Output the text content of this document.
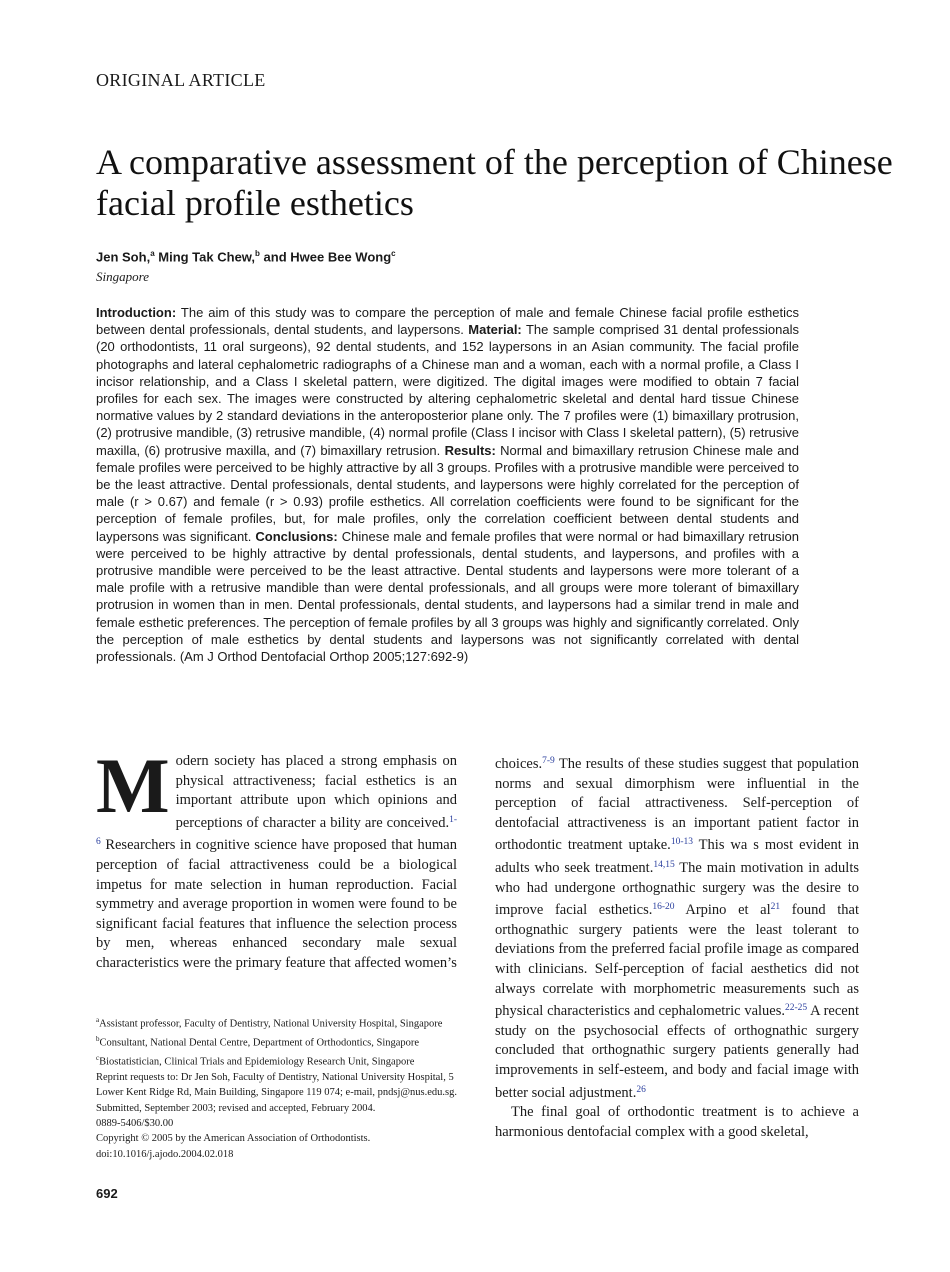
ORIGINAL ARTICLE
A comparative assessment of the perception of Chinese facial profile esthetics
Jen Soh,$^a$ Ming Tak Chew,$^b$ and Hwee Bee Wong$^c$
Singapore

Introduction: The aim of this study was to compare the perception of male and female Chinese facial profile esthetics between dental professionals, dental students, and laypersons. Material: The sample comprised 31 dental professionals (20 orthodontists, 11 oral surgeons), 92 dental students, and 152 laypersons in an Asian community. The facial profile photographs and lateral cephalometric radiographs of a Chinese man and a woman, each with a normal profile, a Class I incisor relationship, and a Class I skeletal pattern, were digitized. The digital images were modified to obtain 7 facial profiles for each sex. The images were constructed by altering cephalometric skeletal and dental hard tissue Chinese normative values by 2 standard deviations in the anteroposterior plane only. The 7 profiles were (1) bimaxillary protrusion, (2) protrusive mandible, (3) retrusive mandible, (4) normal profile (Class I incisor with Class I skeletal pattern), (5) retrusive maxilla, (6) protrusive maxilla, and (7) bimaxillary retrusion. Results: Normal and bimaxillary retrusion Chinese male and female profiles were perceived to be highly attractive by all 3 groups. Profiles with a protrusive mandible were perceived to be the least attractive. Dental professionals, dental students, and laypersons were highly correlated for the perception of male (r > 0.67) and female (r > 0.93) profile esthetics. All correlation coefficients were found to be significant for the perception of female profiles, but, for male profiles, only the correlation coefficient between dental students and laypersons was significant. Conclusions: Chinese male and female profiles that were normal or had bimaxillary retrusion were perceived to be highly attractive by dental professionals, dental students, and laypersons, and profiles with a protrusive mandible were perceived to be the least attractive. Dental students and laypersons were more tolerant of a male profile with a retrusive mandible than were dental professionals, and all groups were more tolerant of bimaxillary protrusion in women than in men. Dental professionals, dental students, and laypersons had a similar trend in male and female esthetic preferences. The perception of female profiles by all 3 groups was highly and significantly correlated. Only the perception of male esthetics by dental students and laypersons was not significantly correlated with dental professionals. (Am J Orthod Dentofacial Orthop 2005;127:692-9)

Modern society has placed a strong emphasis on physical attractiveness; facial esthetics is an important attribute upon which opinions and perceptions of character a bility are conceived.$^{1-6}$ Researchers in cognitive science have proposed that human perception of facial attractiveness could be a biological impetus for mate selection in human reproduction. Facial symmetry and average proportion in women were found to be significant facial features that influence the selection process by men, whereas enhanced secondary male sexual characteristics were the primary feature that affected women’s

choices.$^{7-9}$ The results of these studies suggest that population norms and sexual dimorphism were influential in the perception of facial attractiveness. Self-perception of dentofacial attractiveness is an important patient factor in orthodontic treatment uptake.$^{10-13}$ This wa s most evident in adults who seek treatment.$^{14,15}$ The main motivation in adults who had undergone orthognathic surgery was the desire to improve facial esthetics.$^{16-20}$ Arpino et al$^{21}$ found that orthognathic surgery patients were the least tolerant to deviations from the preferred facial profile image as compared with clinicians. Self-perception of facial aesthetics did not always correlate with morphometric measurements such as physical characteristics and cephalometric values.$^{22-25}$ A recent study on the psychosocial effects of orthognathic surgery concluded that orthognathic surgery patients generally had improvements in self-esteem, and body and facial image with better social adjustment.$^{26}$

The final goal of orthodontic treatment is to achieve a harmonious dentofacial complex with a good skeletal,

$^a$Assistant professor, Faculty of Dentistry, National University Hospital, Singapore

$^b$Consultant, National Dental Centre, Department of Orthodontics, Singapore

$^c$Biostatistician, Clinical Trials and Epidemiology Research Unit, Singapore

Reprint requests to: Dr Jen Soh, Faculty of Dentistry, National University Hospital, 5 Lower Kent Ridge Rd, Main Building, Singapore 119 074; e-mail, pndsj@nus.edu.sg.

Submitted, September 2003; revised and accepted, February 2004.

0889-5406/$30.00

Copyright © 2005 by the American Association of Orthodontists.

doi:10.1016/j.ajodo.2004.02.018

692
